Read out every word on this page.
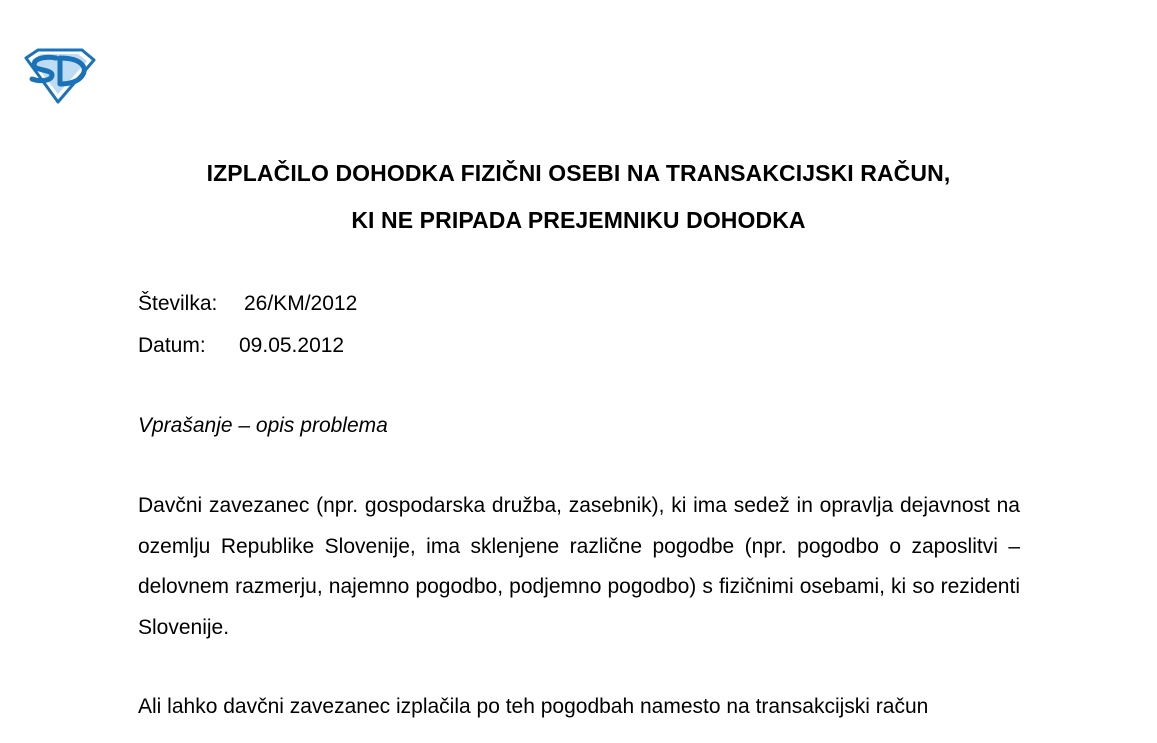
IZPLAČILO DOHODKA FIZIČNI OSEBI NA TRANSAKCIJSKI RAČUN,
KI NE PRIPADA PREJEMNIKU DOHODKA
Številka: 26/KM/2012
Datum: 09.05.2012
Vprašanje – opis problema

Davčni zavezanec (npr. gospodarska družba, zasebnik), ki ima sedež in opravlja dejavnost na ozemlju Republike Slovenije, ima sklenjene različne pogodbe (npr. pogodbo o zaposlitvi – delovnem razmerju, najemno pogodbo, podjemno pogodbo) s fizičnimi osebami, ki so rezidenti Slovenije.

Ali lahko davčni zavezanec izplačila po teh pogodbah namesto na transakcijski račun
